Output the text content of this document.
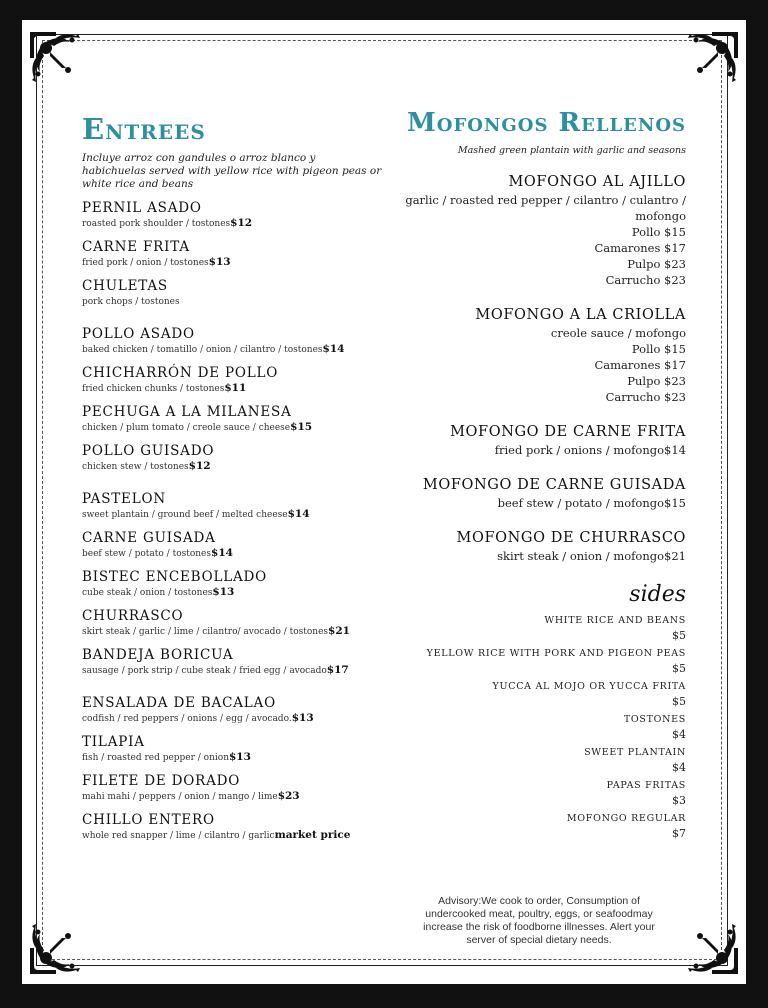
Entrees

Incluye arroz con gandules o arroz blanco y habichuelas served with yellow rice with pigeon peas or white rice and beans

PERNIL ASADO
roasted pork shoulder / tostones$12
CARNE FRITA
fried pork / onion / tostones$13
CHULETAS
pork chops / tostones
POLLO ASADO
baked chicken / tomatillo / onion / cilantro / tostones$14
CHICHARRÓN DE POLLO
fried chicken chunks / tostones$11
PECHUGA A LA MILANESA
chicken / plum tomato / creole sauce / cheese$15
POLLO GUISADO
chicken stew / tostones$12
PASTELON
sweet plantain / ground beef / melted cheese$14
CARNE GUISADA
beef stew / potato / tostones$14
BISTEC ENCEBOLLADO
cube steak / onion / tostones$13
CHURRASCO
skirt steak / garlic / lime / cilantro/ avocado / tostones$21
BANDEJA BORICUA
sausage / pork strip / cube steak / fried egg / avocado$17
ENSALADA DE BACALAO
codfish / red peppers / onions / egg / avocado.$13
TILAPIA
fish / roasted red pepper / onion$13
FILETE DE DORADO
mahi mahi / peppers / onion / mango / lime$23
CHILLO ENTERO
whole red snapper / lime / cilantro / garlicmarket price
Mofongos Rellenos

Mashed green plantain with garlic and seasons

MOFONGO AL AJILLO
garlic / roasted red pepper / cilantro / culantro / mofongo
Pollo $15
Camarones $17
Pulpo $23
Carrucho $23
MOFONGO A LA CRIOLLA
creole sauce / mofongo
Pollo $15
Camarones $17
Pulpo $23
Carrucho $23
MOFONGO DE CARNE FRITA
fried pork / onions / mofongo$14
MOFONGO DE CARNE GUISADA
beef stew / potato / mofongo$15
MOFONGO DE CHURRASCO
skirt steak / onion / mofongo$21
sides
WHITE RICE AND BEANS
$5
YELLOW RICE WITH PORK AND PIGEON PEAS
$5
YUCCA AL MOJO OR YUCCA FRITA
$5
TOSTONES
$4
SWEET PLANTAIN
$4
PAPAS FRITAS
$3
MOFONGO REGULAR
$7
Advisory:We cook to order, Consumption of undercooked meat, poultry, eggs, or seafoodmay increase the risk of foodborne illnesses. Alert your server of special dietary needs.
